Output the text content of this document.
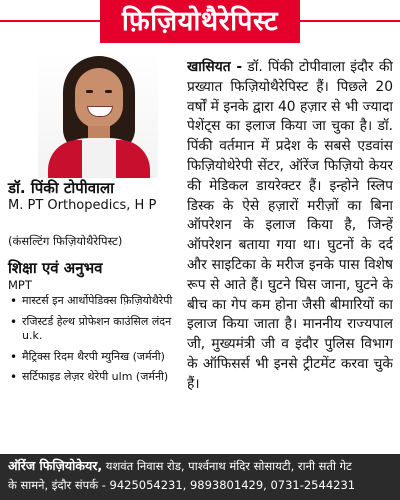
फ़िज़ियोथैरेपिस्ट
डॉ. पिंकी टोपीवाला
M. PT Orthopedics, H P
(कंसल्टिंग फिज़ियोथैरेपिस्ट)
शिक्षा एवं अनुभव
MPT
• मास्टर्स इन आर्थोपेडिक्स फ़िज़ियोथैरेपी
• रजिस्टर्ड हेल्थ प्रोफेशन काउंसिल लंदन u.k.
• मैट्रिक्स रिदम थैरपी म्युनिख (जर्मनी)
• सर्टिफाइड लेज़र थेरेपी ulm (जर्मनी)
खासियत - डॉ. पिंकी टोपीवाला इंदौर की प्रख्यात फिज़ियोथैरेपिस्ट हैं। पिछले 20 वर्षों में इनके द्वारा 40 हज़ार से भी ज्यादा पेशेंट्स का इलाज किया जा चुका है। डॉ. पिंकी वर्तमान में प्रदेश के सबसे एडवांस फिज़ियोथेरेपी सेंटर, ऑरेंज फिज़ियो केयर की मेडिकल डायरेक्टर हैं। इन्होने स्लिप डिस्क के ऐसे हज़ारों मरीज़ों का बिना ऑपरेशन के इलाज किया है, जिन्हें ऑपरेशन बताया गया था। घुटनों के दर्द और साइटिका के मरीज इनके पास विशेष रूप से आते हैं। घुटने घिस जाना, घुटने के बीच का गेप कम होना जैसी बीमारियों का इलाज किया जाता है। माननीय राज्यपाल जी, मुख्यमंत्री जी व इंदौर पुलिस विभाग के ऑफिसर्स भी इनसे ट्रीटमेंट करवा चुके हैं।
ऑरेंज फिज़ियोकेयर, यशवंत निवास रोड, पार्श्वनाथ मंदिर सोसायटी, रानी सती गेट
के सामने, इंदौर संपर्क - 9425054231, 9893801429, 0731-2544231
